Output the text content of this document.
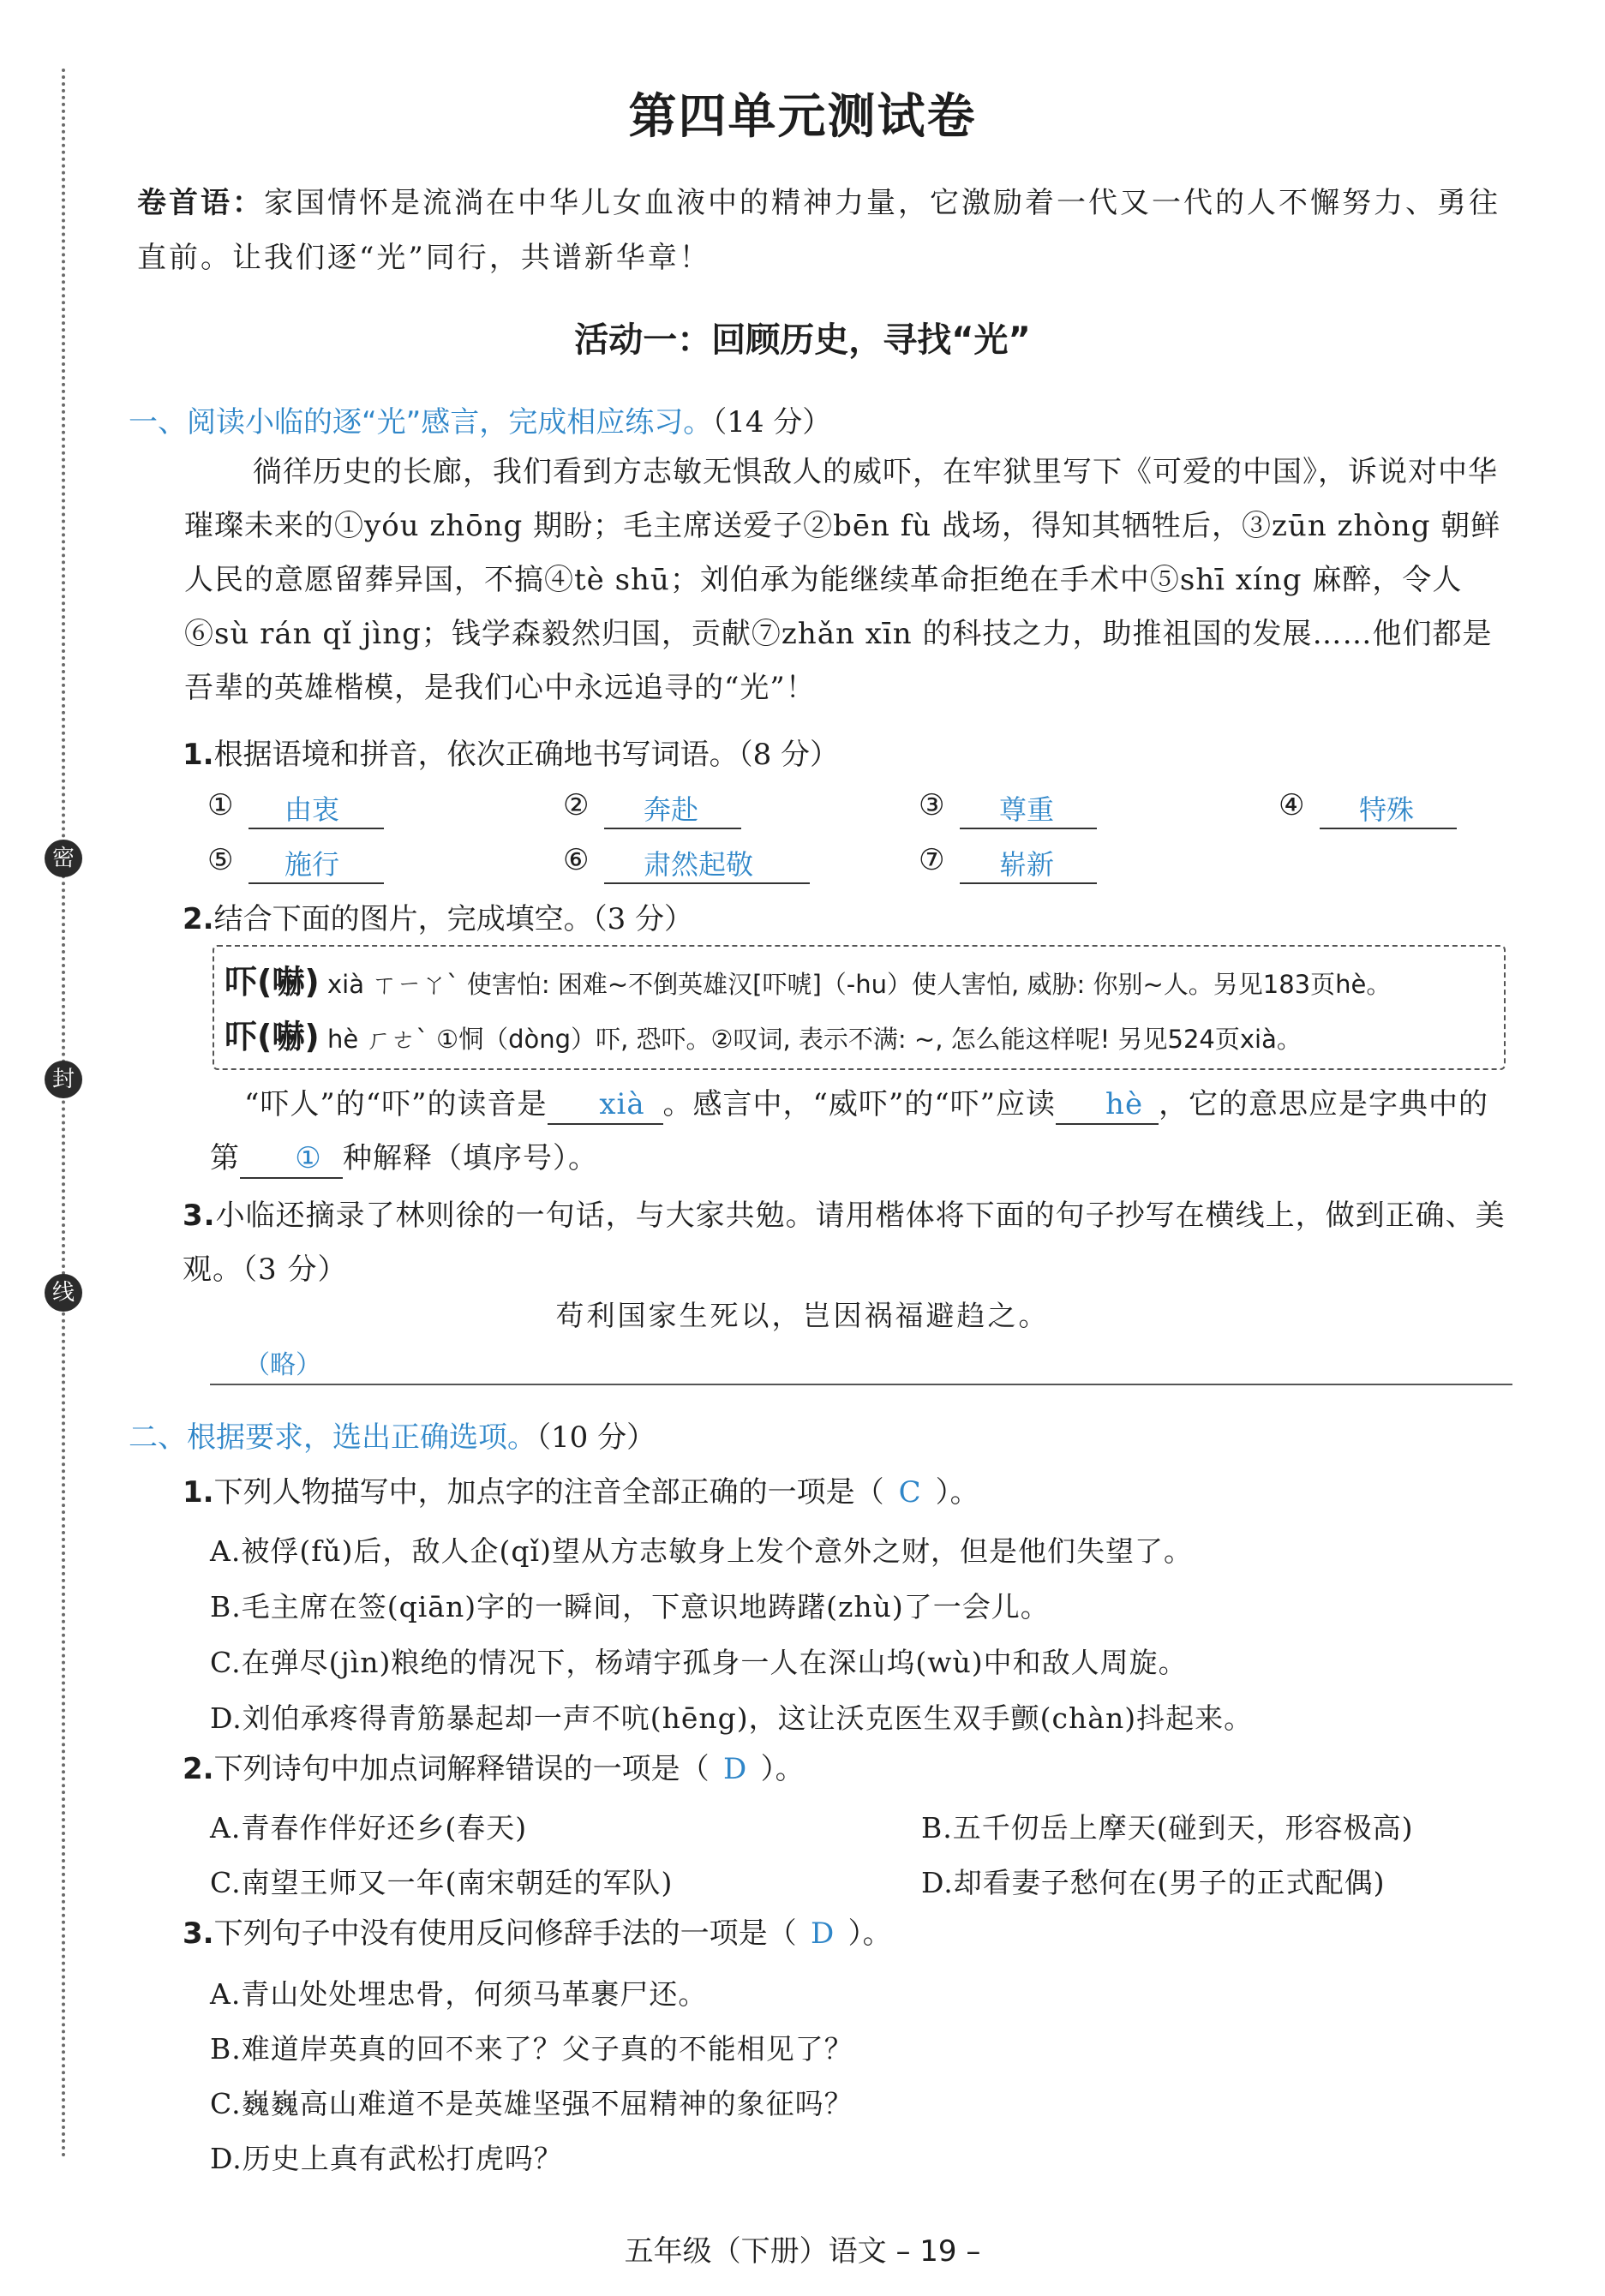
密
封
线
第四单元测试卷
卷首语：家国情怀是流淌在中华儿女血液中的精神力量，它激励着一代又一代的人不懈努力、勇往直前。让我们逐“光”同行，共谱新华章！
活动一：回顾历史，寻找“光”
一、阅读小临的逐“光”感言，完成相应练习。（14 分）
徜徉历史的长廊，我们看到方志敏无惧敌人的威吓，在牢狱里写下《可爱的中国》，诉说对中华璀璨未来的①yóu zhōng 期盼；毛主席送爱子②bēn fù 战场，得知其牺牲后，③zūn zhòng 朝鲜人民的意愿留葬异国，不搞④tè shū；刘伯承为能继续革命拒绝在手术中⑤shī xíng 麻醉，令人⑥sù rán qǐ jìng；钱学森毅然归国，贡献⑦zhǎn xīn 的科技之力，助推祖国的发展……他们都是吾辈的英雄楷模，是我们心中永远追寻的“光”！
1.根据语境和拼音，依次正确地书写词语。（8 分）
① 由衷	② 奔赴	③ 尊重	④ 特殊
⑤ 施行	⑥ 肃然起敬	⑦ 崭新
2.结合下面的图片，完成填空。（3 分）
吓(嚇) xià ㄒㄧㄚˋ 使害怕: 困难~不倒英雄汉[吓唬]（-hu）使人害怕, 威胁: 你别~人。另见183页hè。
吓(嚇) hè ㄏㄜˋ ①恫（dòng）吓, 恐吓。②叹词, 表示不满: ~, 怎么能这样呢! 另见524页xià。
“吓人”的“吓”的读音是 xià 。感言中，“威吓”的“吓”应读 hè ，它的意思应是字典中的第 ① 种解释（填序号）。
3.小临还摘录了林则徐的一句话，与大家共勉。请用楷体将下面的句子抄写在横线上，做到正确、美观。（3 分）
苟利国家生死以，岂因祸福避趋之。
（略）
二、根据要求，选出正确选项。（10 分）
1.下列人物描写中，加点字的注音全部正确的一项是（ C ）。
A.被俘(fǔ)后，敌人企(qǐ)望从方志敏身上发个意外之财，但是他们失望了。
B.毛主席在签(qiān)字的一瞬间，下意识地踌躇(zhù)了一会儿。
C.在弹尽(jìn)粮绝的情况下，杨靖宇孤身一人在深山坞(wù)中和敌人周旋。
D.刘伯承疼得青筋暴起却一声不吭(hēng)，这让沃克医生双手颤(chàn)抖起来。
2.下列诗句中加点词解释错误的一项是（ D ）。
A.青春作伴好还乡(春天)	B.五千仞岳上摩天(碰到天，形容极高)
C.南望王师又一年(南宋朝廷的军队)	D.却看妻子愁何在(男子的正式配偶)
3.下列句子中没有使用反问修辞手法的一项是（ D ）。
A.青山处处埋忠骨，何须马革裹尸还。
B.难道岸英真的回不来了？父子真的不能相见了？
C.巍巍高山难道不是英雄坚强不屈精神的象征吗？
D.历史上真有武松打虎吗？
五年级（下册）语文 – 19 –
